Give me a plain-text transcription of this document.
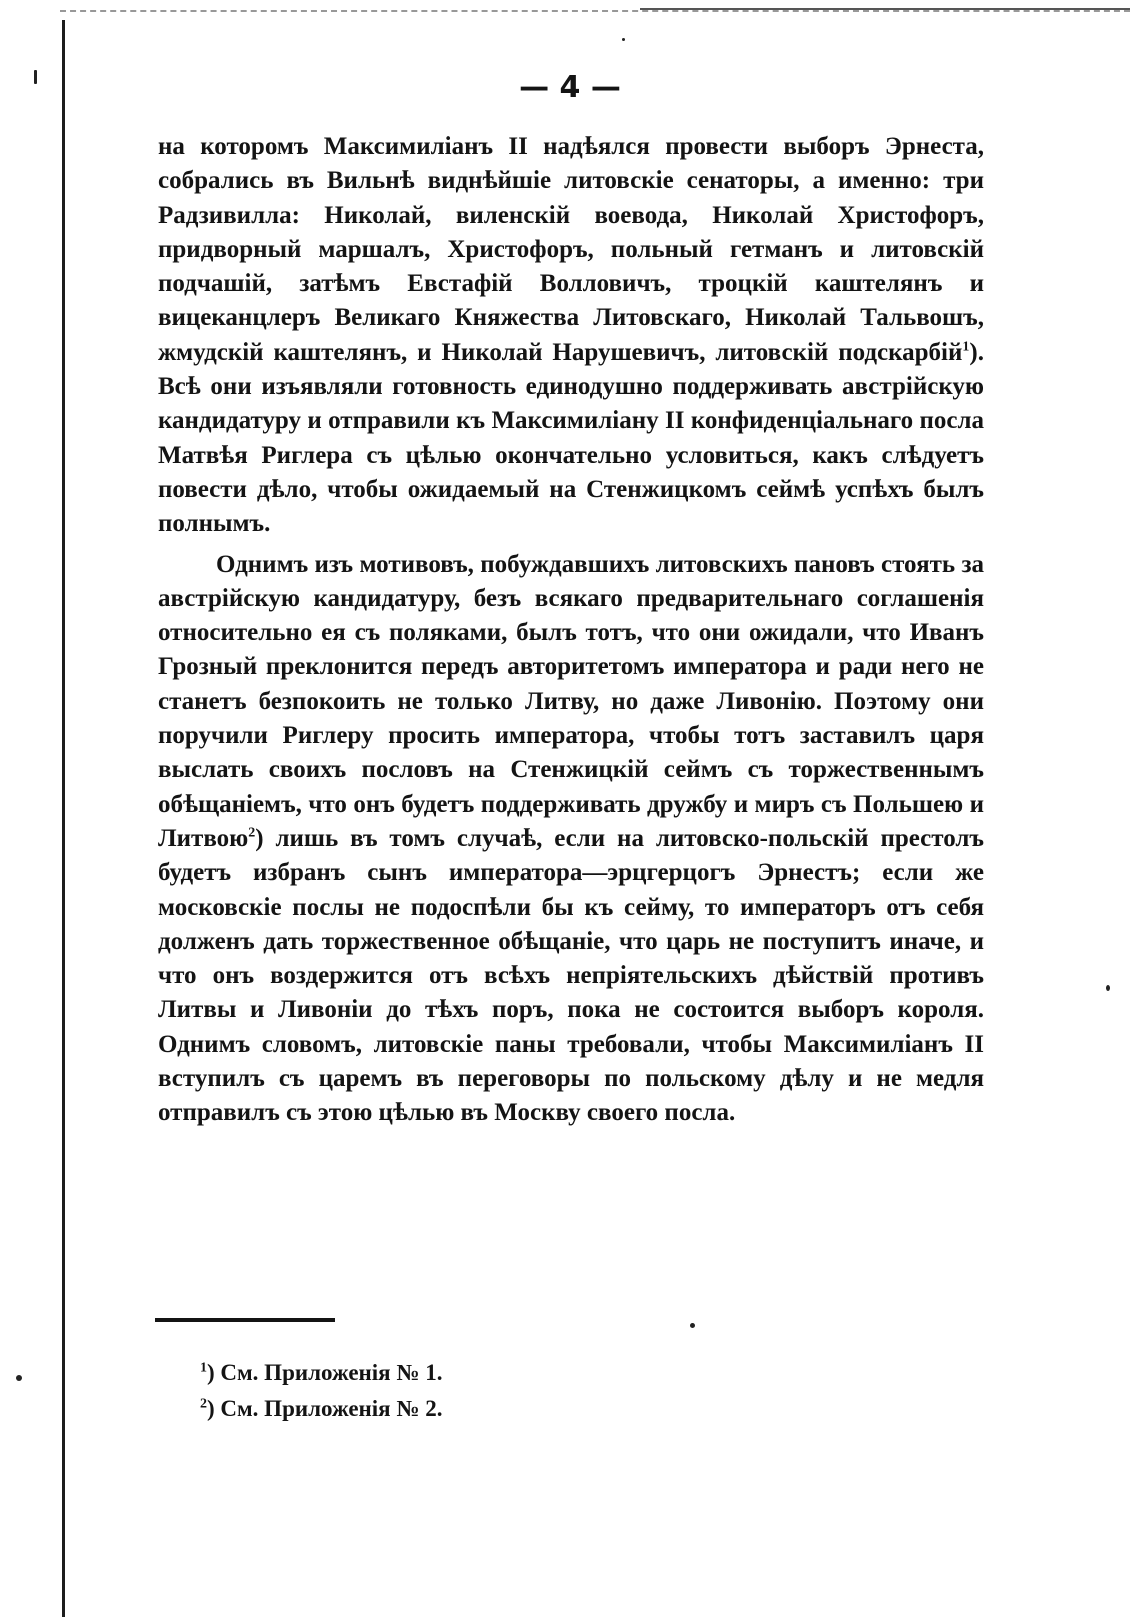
— 4 —

на которомъ Максимиліанъ II надѣялся провести выборъ Эрнеста, собрались въ Вильнѣ виднѣйшіе литовскіе сенаторы, а именно: три Радзивилла: Николай, виленскій воевода, Николай Христофоръ, придворный маршалъ, Христофоръ, польный гетманъ и литовскій подчашій, затѣмъ Евстафій Волловичъ, троцкій каштелянъ и вицеканцлеръ Великаго Княжества Литовскаго, Николай Тальвошъ, жмудскій каштелянъ, и Николай Нарушевичъ, литовскій подскарбій$^1$). Всѣ они изъявляли готовность единодушно поддерживать австрійскую кандидатуру и отправили къ Максимиліану II конфиденціальнаго посла Матвѣя Риглера съ цѣлью окончательно условиться, какъ слѣдуетъ повести дѣло, чтобы ожидаемый на Стенжицкомъ сеймѣ успѣхъ былъ полнымъ.

Однимъ изъ мотивовъ, побуждавшихъ литовскихъ пановъ стоять за австрійскую кандидатуру, безъ всякаго предварительнаго соглашенія относительно ея съ поляками, былъ тотъ, что они ожидали, что Иванъ Грозный преклонится передъ авторитетомъ императора и ради него не станетъ безпокоить не только Литву, но даже Ливонію. Поэтому они поручили Риглеру просить императора, чтобы тотъ заставилъ царя выслать своихъ пословъ на Стенжицкій сеймъ съ торжественнымъ обѣщаніемъ, что онъ будетъ поддерживать дружбу и миръ съ Польшею и Литвою$^2$) лишь въ томъ случаѣ, если на литовско-польскій престолъ будетъ избранъ сынъ императора—эрцгерцогъ Эрнестъ; если же московскіе послы не подоспѣли бы къ сейму, то императоръ отъ себя долженъ дать торжественное обѣщаніе, что царь не поступитъ иначе, и что онъ воздержится отъ всѣхъ непріятельскихъ дѣйствій противъ Литвы и Ливоніи до тѣхъ поръ, пока не состоится выборъ короля. Однимъ словомъ, литовскіе паны требовали, чтобы Максимиліанъ II вступилъ съ царемъ въ переговоры по польскому дѣлу и не медля отправилъ съ этою цѣлью въ Москву своего посла.

$^1$) См. Приложенія № 1.
$^2$) См. Приложенія № 2.
